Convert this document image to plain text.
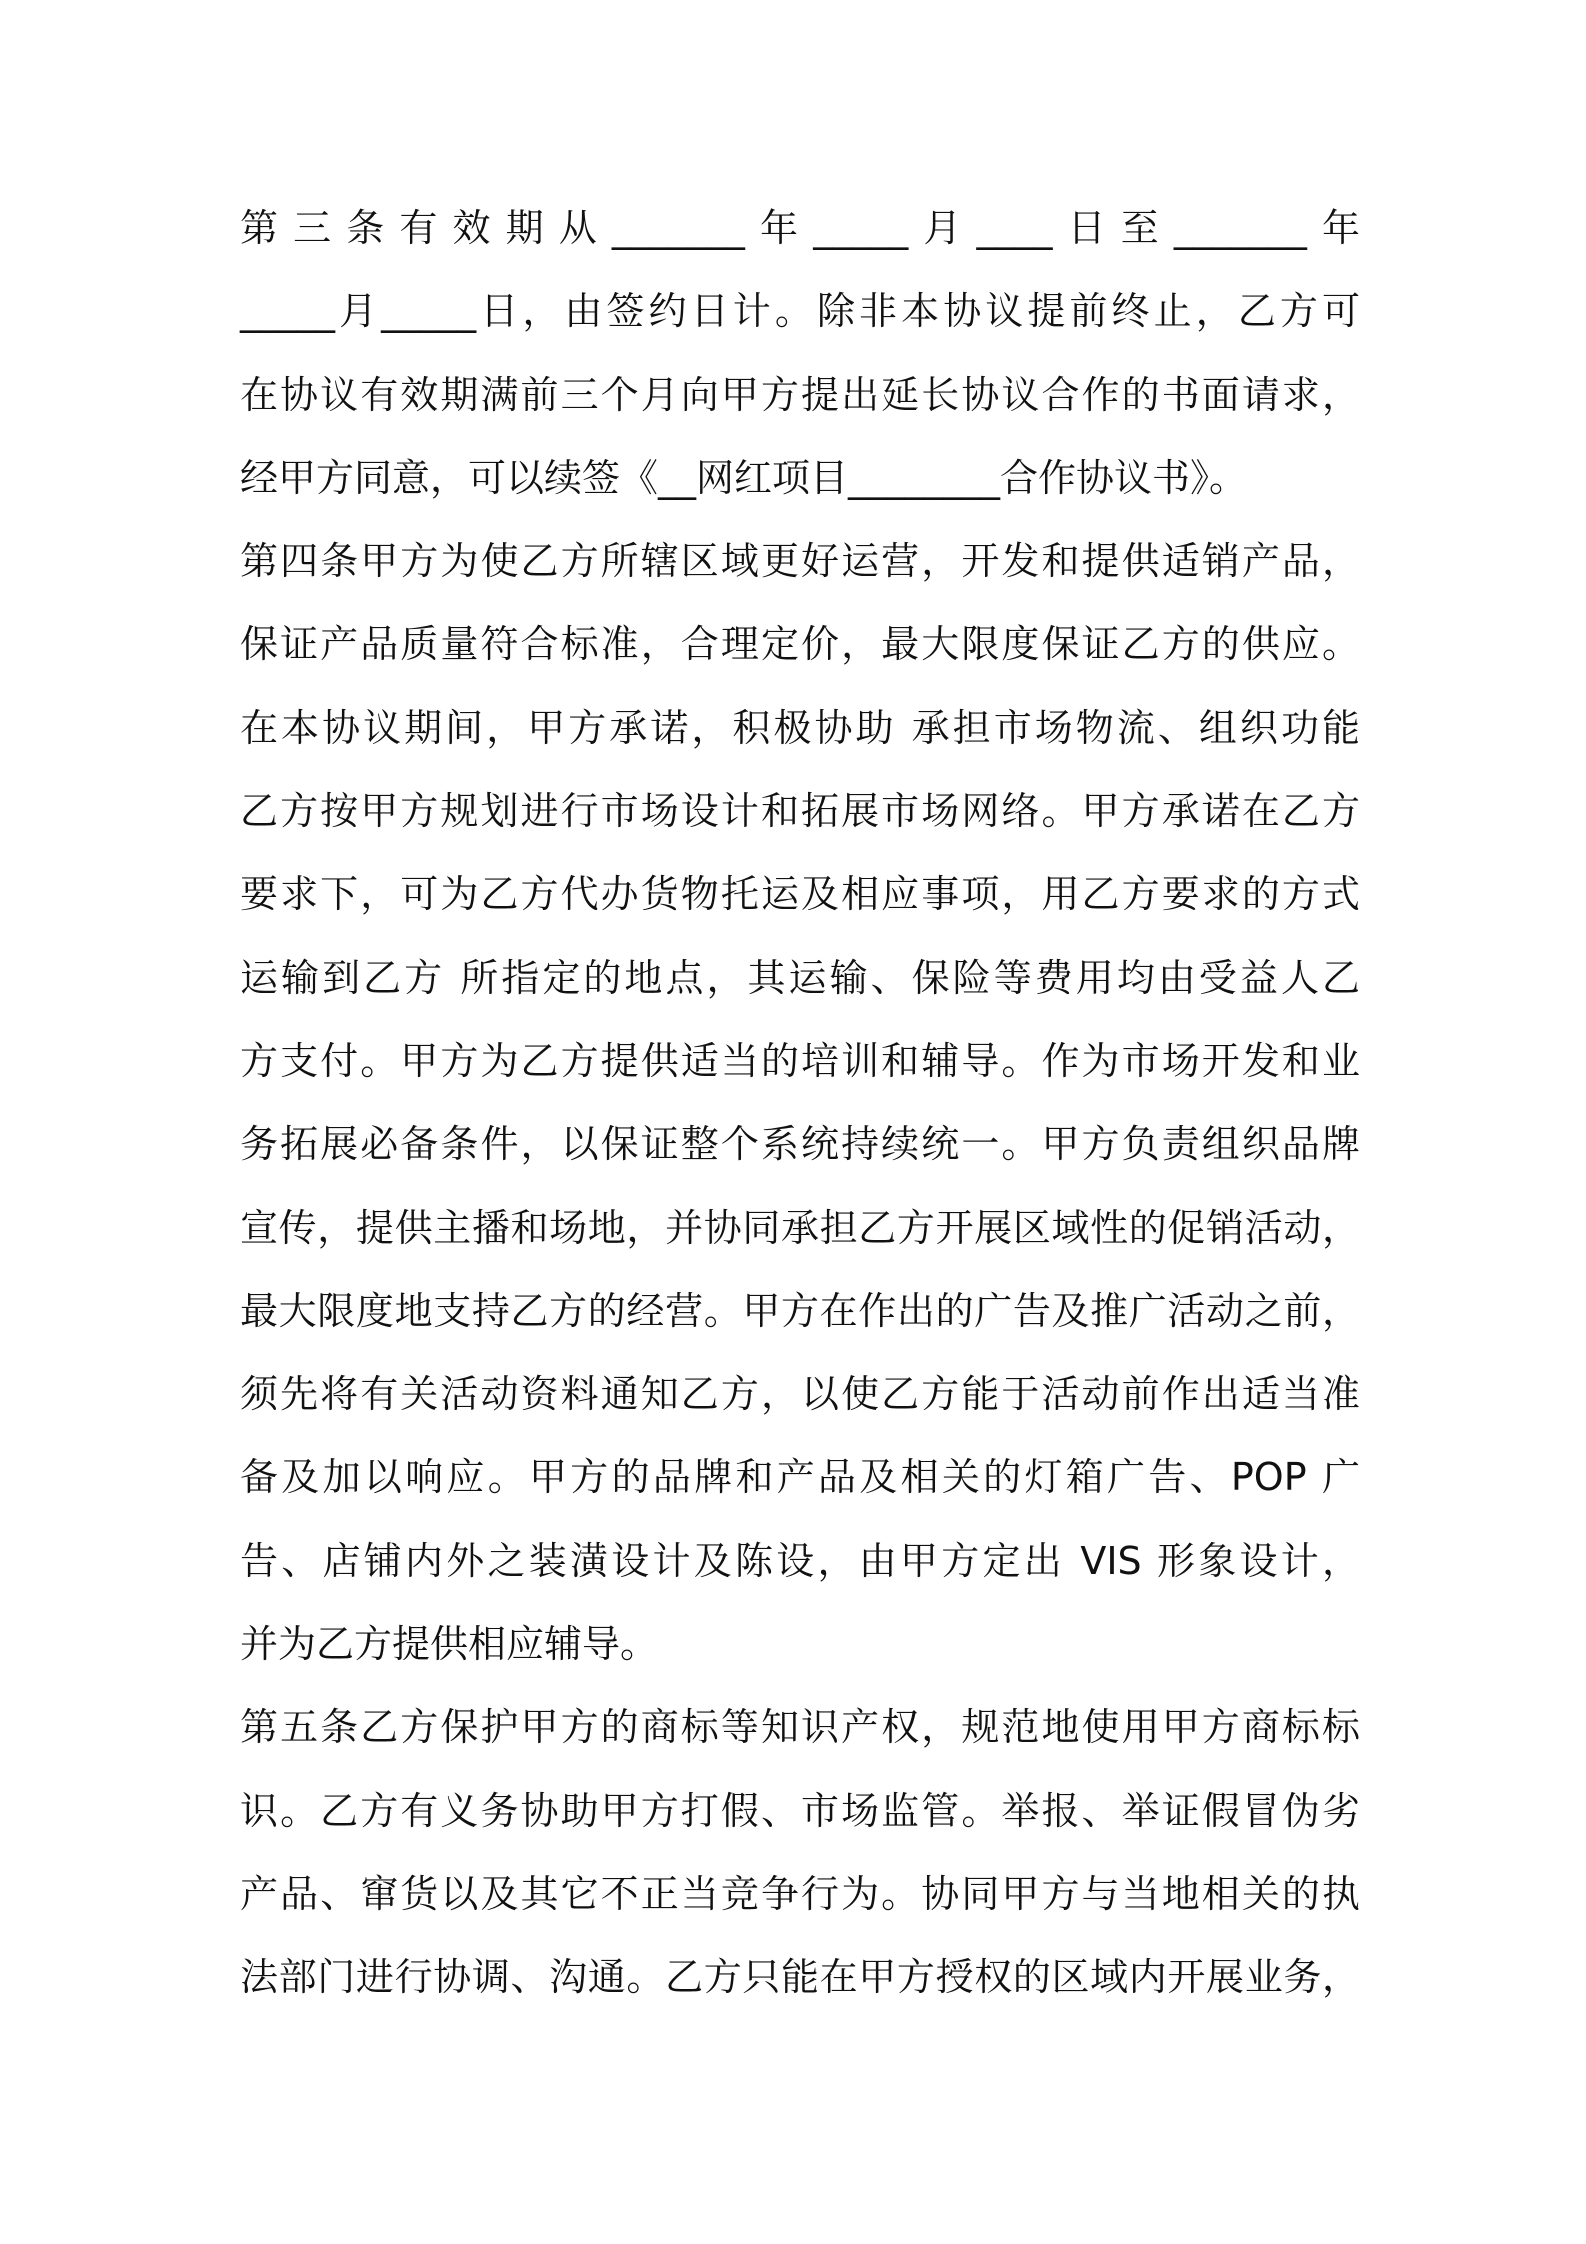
第三条有效期从_______年_____月____日至_______年
_____月_____日，由签约日计。除非本协议提前终止，乙方可
在协议有效期满前三个月向甲方提出延长协议合作的书面请求，
经甲方同意，可以续签《__网红项目________合作协议书》。
第四条甲方为使乙方所辖区域更好运营，开发和提供适销产品，
保证产品质量符合标准，合理定价，最大限度保证乙方的供应。
在本协议期间，甲方承诺，积极协助 承担市场物流、组织功能
乙方按甲方规划进行市场设计和拓展市场网络。甲方承诺在乙方
要求下，可为乙方代办货物托运及相应事项，用乙方要求的方式
运输到乙方 所指定的地点，其运输、保险等费用均由受益人乙
方支付。甲方为乙方提供适当的培训和辅导。作为市场开发和业
务拓展必备条件，以保证整个系统持续统一。甲方负责组织品牌
宣传，提供主播和场地，并协同承担乙方开展区域性的促销活动，
最大限度地支持乙方的经营。甲方在作出的广告及推广活动之前，
须先将有关活动资料通知乙方，以使乙方能于活动前作出适当准
备及加以响应。甲方的品牌和产品及相关的灯箱广告、POP 广
告、店铺内外之装潢设计及陈设，由甲方定出 VIS 形象设计，
并为乙方提供相应辅导。
第五条乙方保护甲方的商标等知识产权，规范地使用甲方商标标
识。乙方有义务协助甲方打假、市场监管。举报、举证假冒伪劣
产品、窜货以及其它不正当竞争行为。协同甲方与当地相关的执
法部门进行协调、沟通。乙方只能在甲方授权的区域内开展业务，
